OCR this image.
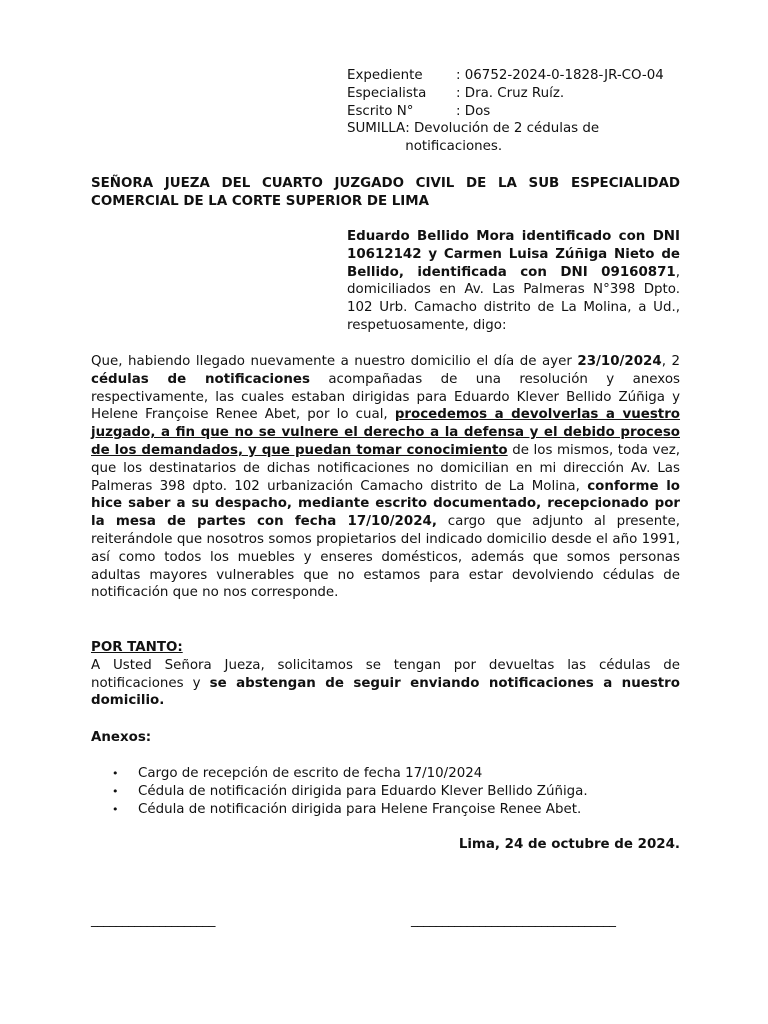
Expediente	: 06752-2024-0-1828-JR-CO-04
Especialista	: Dra. Cruz Ruíz.
Escrito N°	: Dos
SUMILLA : Devolución de 2 cédulas de notificaciones.
SEÑORA JUEZA DEL CUARTO JUZGADO CIVIL DE LA SUB ESPECIALIDAD COMERCIAL DE LA CORTE SUPERIOR DE LIMA
Eduardo Bellido Mora identificado con DNI 10612142 y Carmen Luisa Zúñiga Nieto de Bellido, identificada con DNI 09160871, domiciliados en Av. Las Palmeras N°398 Dpto. 102 Urb. Camacho distrito de La Molina, a Ud., respetuosamente, digo:
Que, habiendo llegado nuevamente a nuestro domicilio el día de ayer 23/10/2024, 2 cédulas de notificaciones acompañadas de una resolución y anexos respectivamente, las cuales estaban dirigidas para Eduardo Klever Bellido Zúñiga y Helene Françoise Renee Abet, por lo cual, procedemos a devolverlas a vuestro juzgado, a fin que no se vulnere el derecho a la defensa y el debido proceso de los demandados, y que puedan tomar conocimiento de los mismos, toda vez, que los destinatarios de dichas notificaciones no domicilian en mi dirección Av. Las Palmeras 398 dpto. 102 urbanización Camacho distrito de La Molina, conforme lo hice saber a su despacho, mediante escrito documentado, recepcionado por la mesa de partes con fecha 17/10/2024, cargo que adjunto al presente, reiterándole que nosotros somos propietarios del indicado domicilio desde el año 1991, así como todos los muebles y enseres domésticos, además que somos personas adultas mayores vulnerables que no estamos para estar devolviendo cédulas de notificación que no nos corresponde.
POR TANTO:
A Usted Señora Jueza, solicitamos se tengan por devueltas las cédulas de notificaciones y se abstengan de seguir enviando notificaciones a nuestro domicilio.
Anexos:
•	Cargo de recepción de escrito de fecha 17/10/2024
•	Cédula de notificación dirigida para Eduardo Klever Bellido Zúñiga.
•	Cédula de notificación dirigida para Helene Françoise Renee Abet.
Lima, 24 de octubre de 2024.
____________________	_________________________________
